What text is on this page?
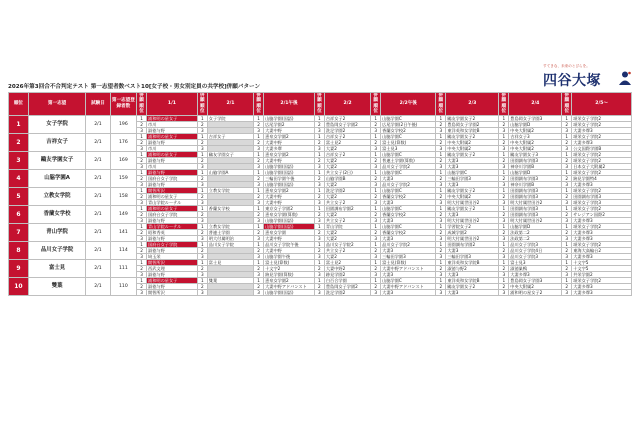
2026年第3回合不合判定テスト 第一志望者数ベスト10[女子校・男女別定員の共学校]併願パターン
すてきな、未来のとびらを。
四谷大塚
順位	第一志望	試験日	第一志望登録者数	併願順位	1/1	併願順位	2/1	併願順位	2/1午後	併願順位	2/2	併願順位	2/2午後	併願順位	2/3	併願順位	2/4	併願順位	2/5～
1	女子学院	2/1	196	1	浦和明の星女子	1	女子学院	1	山脇学園(国語)	1	吉祥女子2	1	山脇学園C	1	鷗友学園女子2	1	豊島岡女子学園3	1	頌栄女子学院2
				2	市川	2		2	広尾学園2	2	豊島岡女子学園2	2	広尾学園(2日午後)	2	豊島岡女子学園2	2	山脇学園D	2	頌栄女子学院2
				3	淑徳与野	3		3	大妻中野	3	洗足学園2	3	香蘭女学校2	3	東洋英和女学院B	3	中央大附属2	3	大妻多摩3
2	吉祥女子	2/1	176	1	浦和明の星女子	1	吉祥女子	1	恵泉女学園2	1	吉祥女子2	1	山脇学園C	1	鷗友学園女子2	1	吉祥女子3	1	頌栄女子学院2
				2	淑徳与野	2		2	大妻中野	2	富士見2	2	富士見(算数)	2	中央大附属2	2	中央大附属2	2	大妻多摩3
				3	市川	3		3	大妻多摩	3	大妻2	3	富士見3	3	中央大附属2	3	中央大附属2	3	公文国際学園B
3	鷗友学園女子	2/1	169	1	浦和明の星女子	1	鷗友学園女子	1	恵泉女学園2	1	吉祥女子2	1	山脇学園C	1	鷗友学園女子2	1	鷗友学園女子3	1	頌栄女子学院2
				2	淑徳与野	2		2	大妻中野	2	大妻2	2	普連土学園(算数)	2	大妻3	2	田園調布学園3	2	頌栄女子学院2
				3	市川	3		3	山脇学園(国語)	3	大妻2	3	品川女子学院2	3	大妻3	3	神奈川学園B	3	日本女子大附属2
4	山脇学園A	2/1	159	1	淑徳与野	1	山脇学園A	1	山脇学園(国語)	1	共立女子(2日)	1	山脇学園C	1	山脇学園C	1	山脇学園D	1	頌栄女子学院2
				2	国府台女子学院	2		2	三輪田学園午後	2	山脇学園B	2	大妻3	2	三輪田学園3	2	田園調布学園3	2	跡見学園特4
				3	淑徳与野	3		3	山脇学園(国語)	3	大妻2	3	品川女子学院2	3	大妻3	3	神奈川学園B	3	大妻多摩3
5	立教女学院	2/1	158	1	開智所沢	1	立教女学院	1	恵泉女学園2	1	洗足学園2	1	山脇学園C	1	鷗友学園女子2	1	田園調布学園3	1	頌栄女子学院2
				2	浦和明の星女子	2		2	大妻中野	2	大妻2	2	香蘭女学校2	2	中央大附属2	2	田園調布学園3	2	田園調布学園3
				3	青山学院ルーテル	3		3	大妻中野	3	共立女子2	3	大妻3	3	明大付属世田谷2	3	明大付属世田谷2	3	頌栄女子学院3
6	香蘭女学校	2/1	149	1	浦和明の星女子	1	香蘭女学校	1	東京女子学園2	1	田園調布学園2	1	山脇学園C	1	鷗友学園女子2	1	田園調布学園3	1	頌栄女子学院2
				2	国府台女子学院	2		2	恵泉女学園(算数)	2	大妻2	2	香蘭女学校2	2	大妻3	2	田園調布学園3	2	サレジアン国際2
				3	淑徳与野	3		3	山脇学園(国語)	3	共立女子2	3	大妻3	3	明大付属世田谷2	3	明大付属世田谷2	3	大妻多摩3
7	青山学院	2/1	141	1	青山学院ルーテル	1	立教女学院	1	山脇学園(国語)	1	青山学院	1	山脇学園C	1	学習院女子2	1	山脇学園D	1	頌栄女子学院2
				2	昭和秀英	2	普連土学園	2	恵泉女学園	2	大妻2	2	香蘭女学校2	2	成城学園2	2	法政第二2	2	大妻多摩3
				3	淑徳与野	3	明大付属明治	3	大妻中野	3	大妻2	3	大妻3	3	明大付属世田谷2	3	法政第二2	3	大妻多摩3
8	品川女子学院	2/1	114	1	国府台女子学院	1	品川女子学院	1	品川女子学院午後	1	品川女子学院2	1	品川女子学院2	1	田園調布学園2	1	品川女子学院3	1	頌栄女子学院2
				2	淑徳与野	2		2	大妻中野	2	共立女子2	2	大妻3	2	大妻3	2	品川女子学院4日	2	東海大高輪台2
				3	埼玉栄	3		3	山脇学園午後	3	大妻2	3	三輪田学園3	3	三輪田学園3	3	品川女子学院3	3	大妻多摩3
9	富士見	2/1	111	1	開智所沢	1	富士見	1	富士見(算数)	1	富士見2	1	富士見(算数)	1	東洋英和女学院B	1	富士見3	1	十文字5
				2	西武文理	2		2	十文字2	2	大妻中野2	2	大妻中野アドバンスト	2	淑徳与野2	2	淑徳巣鴨	2	十文字5
				3	淑徳与野	3		3	跡見学園(算数)	3	跡見学園2	3	大妻3	3	大妻3	3	大妻多摩3	3	共栄学園2
10	雙葉	2/1	110	1	浦和明の星女子	1	雙葉	1	恵泉女学園2	1	白百合学園	1	山脇学園C	1	東洋英和女学院B	1	豊島岡女子学園3	1	頌栄女子学院2
				2	淑徳与野	2		2	大妻中野アドバンスト	2	豊島岡女子学園2	2	大妻中野アドバンスト	2	鷗友学園女子2	2	中央大附属2	2	大妻多摩3
				3	開智所沢	3		3	山脇学園(国語)	3	洗足学園2	3	大妻3	3	大妻3	3	浦和明の星女子2	3	大妻多摩3
